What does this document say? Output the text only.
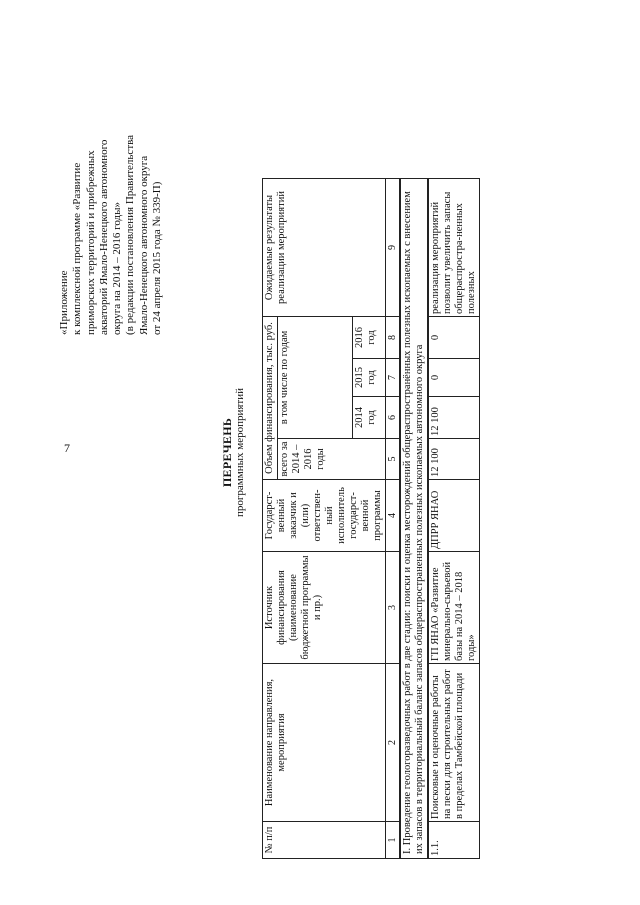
7
«Приложение
к комплексной программе «Развитие
приморских территорий и прибрежных
акваторий Ямало-Ненецкого автономного
округа на 2014 – 2016 годы»
(в редакции постановления Правительства
Ямало-Ненецкого автономного округа
от 24 апреля 2015 года № 339-П)
ПЕРЕЧЕНЬ программных мероприятий
№ п/п	Наименование направления, мероприятия	Источник финансирования (наименование бюджетной программы и пр.)	Государст-венный заказчик и (или) ответствен-ный исполнитель государст-венной программы	Объем финансирования, тыс. руб.				Ожидаемые результаты реализации мероприятий
				всего за 2014 – 2016 годы	в том числе по годам			
					2014 год	2015 год	2016 год	
1	2	3	4	5	6	7	8	9
I. Проведение геологоразведочных работ в две стадии: поиски и оценка месторождений общераспространённых полезных ископаемых с внесением их запасов в территориальный баланс запасов общераспространенных полезных ископаемых автономного округа								
1.1.	Поисковые и оценочные работы на пески для строительных работ в пределах Тамбейской площади	ГП ЯНАО «Развитие минерально-сырьевой базы на 2014 – 2018 годы»	ДПРР ЯНАО	12 100	12 100	0	0	реализация мероприятий позволит увеличить запасы общераспростра-ненных полезных
